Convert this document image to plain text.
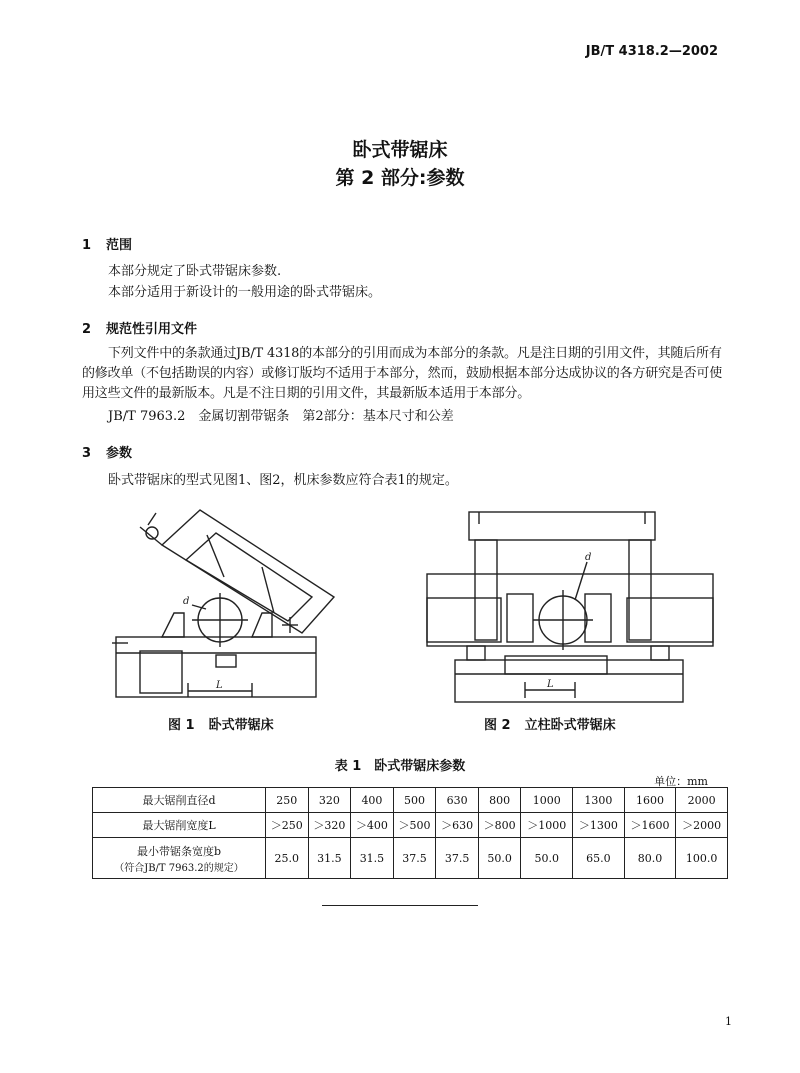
JB/T 4318.2—2002
卧式带锯床
第 2 部分:参数
1 范围
本部分规定了卧式带锯床参数.
本部分适用于新设计的一般用途的卧式带锯床。
2 规范性引用文件
下列文件中的条款通过JB/T 4318的本部分的引用而成为本部分的条款。凡是注日期的引用文件，其随后所有的修改单（不包括勘误的内容）或修订版均不适用于本部分，然而，鼓励根据本部分达成协议的各方研究是否可使用这些文件的最新版本。凡是不注日期的引用文件，其最新版本适用于本部分。
JB/T 7963.2　金属切割带锯条　第2部分：基本尺寸和公差
3 参数
卧式带锯床的型式见图1、图2，机床参数应符合表1的规定。
d
L
图 1 卧式带锯床
d
L
图 2 立柱卧式带锯床
表 1　卧式带锯床参数
单位：mm
最大锯削直径d	250	320	400	500	630	800	1000	1300	1600	2000
最大锯削宽度L	＞250	＞320	＞400	＞500	＞630	＞800	＞1000	＞1300	＞1600	＞2000
最小带锯条宽度b
（符合JB/T 7963.2的规定）	25.0	31.5	31.5	37.5	37.5	50.0	50.0	65.0	80.0	100.0
1
